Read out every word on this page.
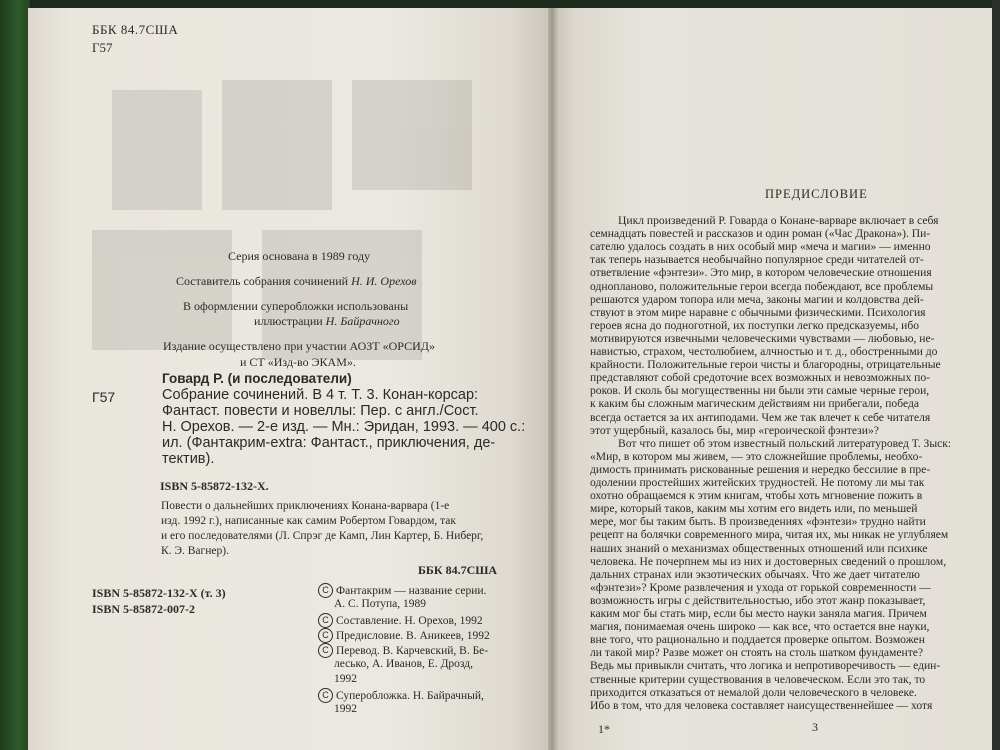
ББК 84.7США
Г57
Серия основана в 1989 году
Составитель собрания сочинений Н. И. Орехов
В оформлении суперобложки использованы
иллюстрации Н. Байрачного
Издание осуществлено при участии АОЗТ «ОРСИД»
и СТ «Изд-во ЭКАМ».
Г57
Говард Р. (и последователи)
Собрание сочинений. В 4 т. Т. 3. Конан-корсар:
Фантаст. повести и новеллы: Пер. с англ./Сост.
Н. Орехов. — 2-е изд. — Мн.: Эридан, 1993. — 400 с.:
ил. (Фантакрим-extra: Фантаст., приключения, де-
тектив).
ISBN 5-85872-132-X.
Повести о дальнейших приключениях Конана-варвара (1-е
изд. 1992 г.), написанные как самим Робертом Говардом, так
и его последователями (Л. Спрэг де Камп, Лин Картер, Б. Ниберг,
К. Э. Вагнер).
ББК 84.7США
ISBN 5-85872-132-X (т. 3)
ISBN 5-85872-007-2
C Фантакрим — название серии.
А. С. Потупа, 1989
C Составление. Н. Орехов, 1992
C Предисловие. В. Аникеев, 1992
C Перевод. В. Карчевский, В. Бе-
лесько, А. Иванов, Е. Дрозд,
1992
C Суперобложка. Н. Байрачный,
1992
ПРЕДИСЛОВИЕ
Цикл произведений Р. Говарда о Конане-варваре включает в себя
семнадцать повестей и рассказов и один роман («Час Дракона»). Пи-
сателю удалось создать в них особый мир «меча и магии» — именно
так теперь называется необычайно популярное среди читателей от-
ответвление «фэнтези». Это мир, в котором человеческие отношения
однопланово, положительные герои всегда побеждают, все проблемы
решаются ударом топора или меча, законы магии и колдовства дей-
ствуют в этом мире наравне с обычными физическими. Психология
героев ясна до подноготной, их поступки легко предсказуемы, ибо
мотивируются извечными человеческими чувствами — любовью, не-
навистью, страхом, честолюбием, алчностью и т. д., обостренными до
крайности. Положительные герои чисты и благородны, отрицательные
представляют собой средоточие всех возможных и невозможных по-
роков. И сколь бы могущественны ни были эти самые черные герои,
к каким бы сложным магическим действиям ни прибегали, победа
всегда остается за их антиподами. Чем же так влечет к себе читателя
этот ущербный, казалось бы, мир «героической фэнтези»?
Вот что пишет об этом известный польский литературовед Т. Зыск:
«Мир, в котором мы живем, — это сложнейшие проблемы, необхо-
димость принимать рискованные решения и нередко бессилие в пре-
одолении простейших житейских трудностей. Не потому ли мы так
охотно обращаемся к этим книгам, чтобы хоть мгновение пожить в
мире, который таков, каким мы хотим его видеть или, по меньшей
мере, мог бы таким быть. В произведениях «фэнтези» трудно найти
рецепт на болячки современного мира, читая их, мы никак не углубляем
наших знаний о механизмах общественных отношений или психике
человека. Не почерпнем мы из них и достоверных сведений о прошлом,
дальних странах или экзотических обычаях. Что же дает читателю
«фэнтези»? Кроме развлечения и ухода от горькой современности —
возможность игры с действительностью, ибо этот жанр показывает,
каким мог бы стать мир, если бы место науки заняла магия. Причем
магия, понимаемая очень широко — как все, что остается вне науки,
вне того, что рационально и поддается проверке опытом. Возможен
ли такой мир? Разве может он стоять на столь шатком фундаменте?
Ведь мы привыкли считать, что логика и непротиворечивость — един-
ственные критерии существования в человеческом. Если это так, то
приходится отказаться от немалой доли человеческого в человеке.
Ибо в том, что для человека составляет наисущественнейшее — хотя
1*	3
